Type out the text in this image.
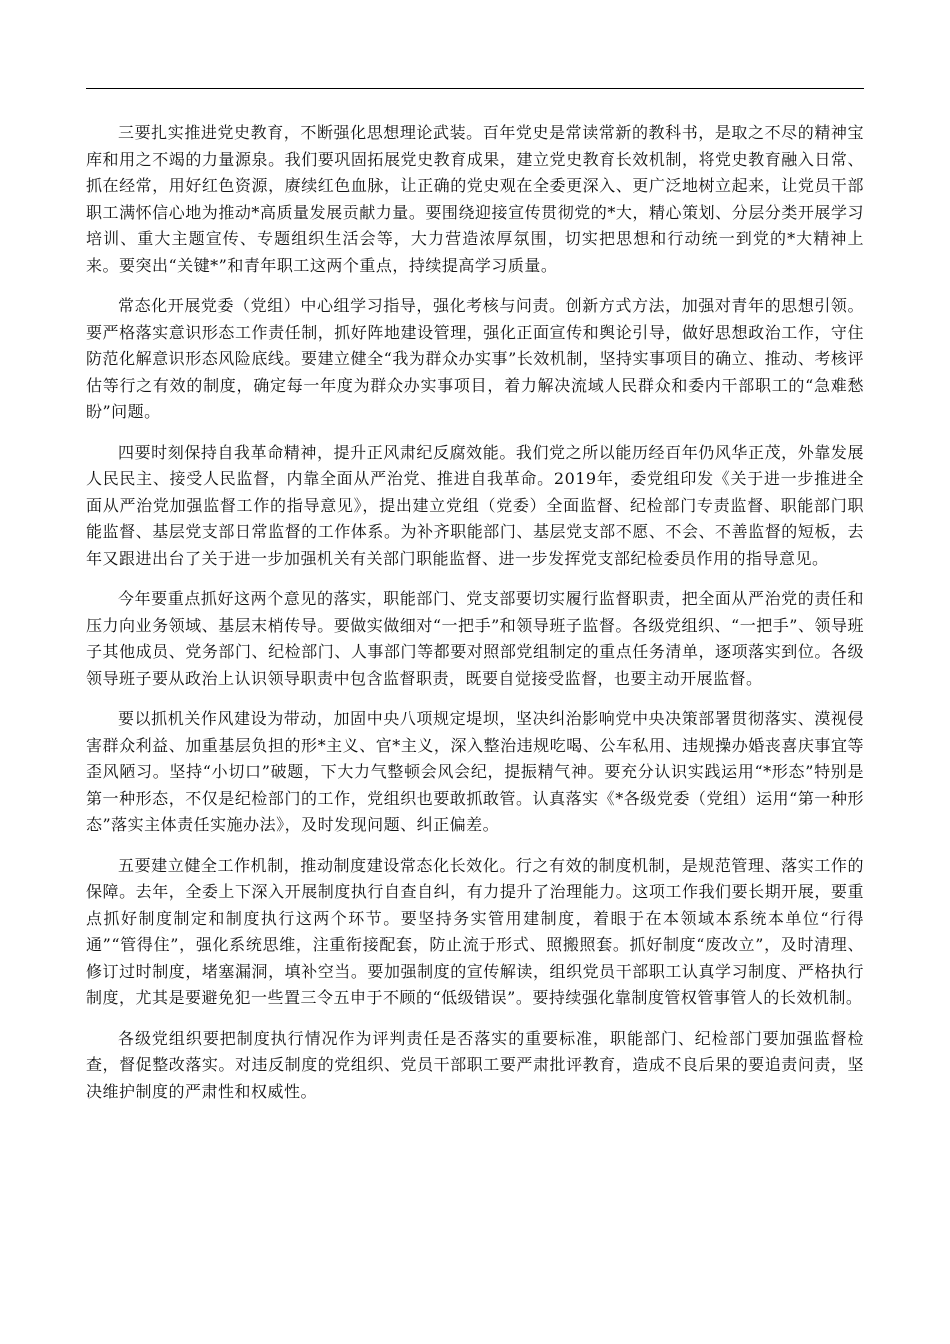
三要扎实推进党史教育，不断强化思想理论武装。百年党史是常读常新的教科书，是取之不尽的精神宝库和用之不竭的力量源泉。我们要巩固拓展党史教育成果，建立党史教育长效机制，将党史教育融入日常、抓在经常，用好红色资源，赓续红色血脉，让正确的党史观在全委更深入、更广泛地树立起来，让党员干部职工满怀信心地为推动*高质量发展贡献力量。要围绕迎接宣传贯彻党的*大，精心策划、分层分类开展学习培训、重大主题宣传、专题组织生活会等，大力营造浓厚氛围，切实把思想和行动统一到党的*大精神上来。要突出“关键*”和青年职工这两个重点，持续提高学习质量。

常态化开展党委（党组）中心组学习指导，强化考核与问责。创新方式方法，加强对青年的思想引领。要严格落实意识形态工作责任制，抓好阵地建设管理，强化正面宣传和舆论引导，做好思想政治工作，守住防范化解意识形态风险底线。要建立健全“我为群众办实事”长效机制，坚持实事项目的确立、推动、考核评估等行之有效的制度，确定每一年度为群众办实事项目，着力解决流域人民群众和委内干部职工的“急难愁盼”问题。

四要时刻保持自我革命精神，提升正风肃纪反腐效能。我们党之所以能历经百年仍风华正茂，外靠发展人民民主、接受人民监督，内靠全面从严治党、推进自我革命。2019年，委党组印发《关于进一步推进全面从严治党加强监督工作的指导意见》，提出建立党组（党委）全面监督、纪检部门专责监督、职能部门职能监督、基层党支部日常监督的工作体系。为补齐职能部门、基层党支部不愿、不会、不善监督的短板，去年又跟进出台了关于进一步加强机关有关部门职能监督、进一步发挥党支部纪检委员作用的指导意见。

今年要重点抓好这两个意见的落实，职能部门、党支部要切实履行监督职责，把全面从严治党的责任和压力向业务领域、基层末梢传导。要做实做细对“一把手”和领导班子监督。各级党组织、“一把手”、领导班子其他成员、党务部门、纪检部门、人事部门等都要对照部党组制定的重点任务清单，逐项落实到位。各级领导班子要从政治上认识领导职责中包含监督职责，既要自觉接受监督，也要主动开展监督。

要以抓机关作风建设为带动，加固中央八项规定堤坝，坚决纠治影响党中央决策部署贯彻落实、漠视侵害群众利益、加重基层负担的形*主义、官*主义，深入整治违规吃喝、公车私用、违规操办婚丧喜庆事宜等歪风陋习。坚持“小切口”破题，下大力气整顿会风会纪，提振精气神。要充分认识实践运用“*形态”特别是第一种形态，不仅是纪检部门的工作，党组织也要敢抓敢管。认真落实《*各级党委（党组）运用“第一种形态”落实主体责任实施办法》，及时发现问题、纠正偏差。

五要建立健全工作机制，推动制度建设常态化长效化。行之有效的制度机制，是规范管理、落实工作的保障。去年，全委上下深入开展制度执行自查自纠，有力提升了治理能力。这项工作我们要长期开展，要重点抓好制度制定和制度执行这两个环节。要坚持务实管用建制度，着眼于在本领域本系统本单位“行得通”“管得住”，强化系统思维，注重衔接配套，防止流于形式、照搬照套。抓好制度“废改立”，及时清理、修订过时制度，堵塞漏洞，填补空当。要加强制度的宣传解读，组织党员干部职工认真学习制度、严格执行制度，尤其是要避免犯一些置三令五申于不顾的“低级错误”。要持续强化靠制度管权管事管人的长效机制。

各级党组织要把制度执行情况作为评判责任是否落实的重要标准，职能部门、纪检部门要加强监督检查，督促整改落实。对违反制度的党组织、党员干部职工要严肃批评教育，造成不良后果的要追责问责，坚决维护制度的严肃性和权威性。
